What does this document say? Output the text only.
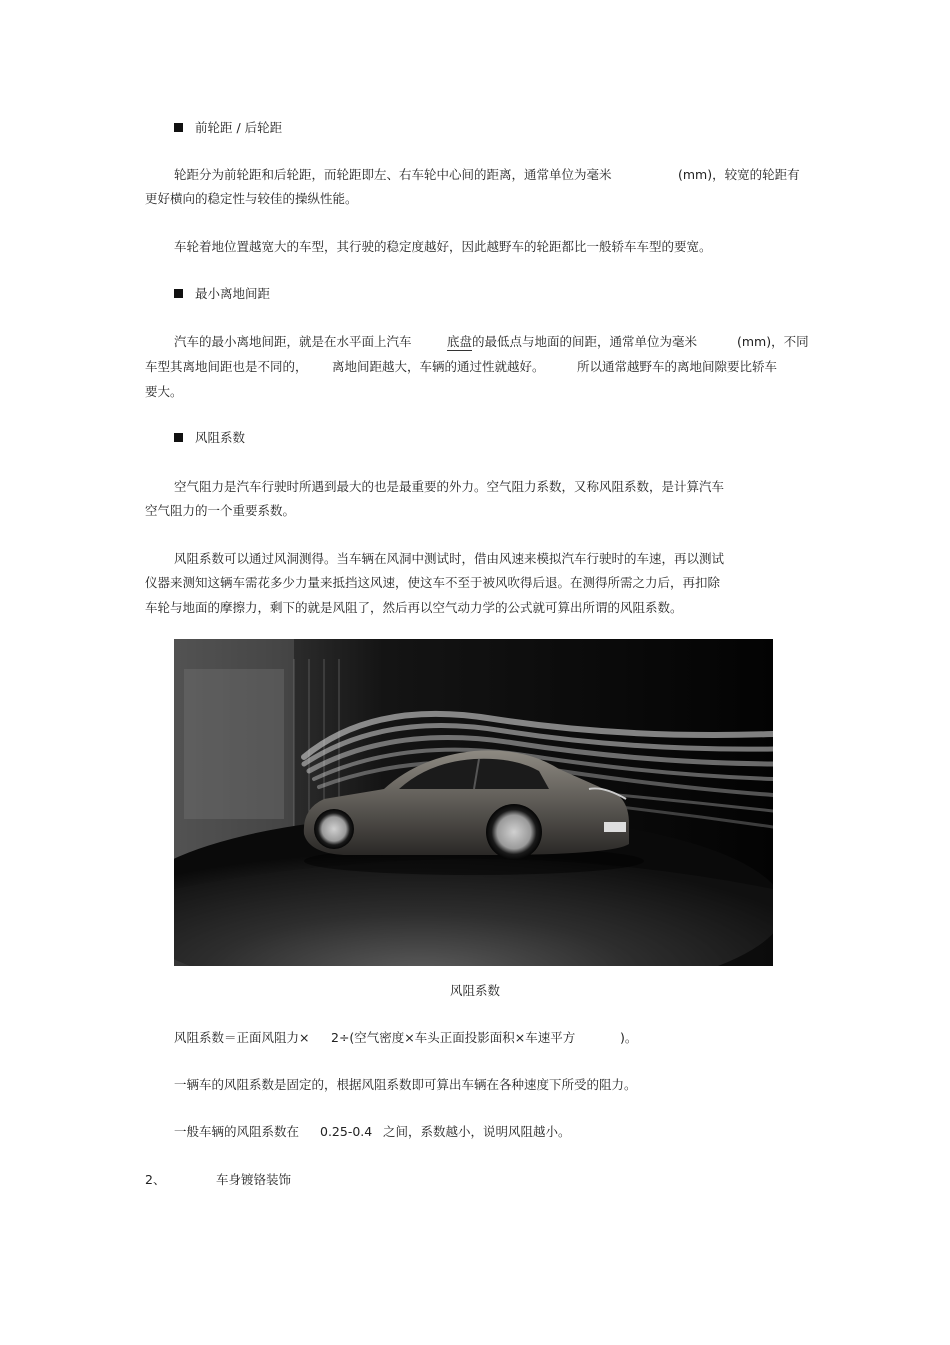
前轮距 / 后轮距
轮距分为前轮距和后轮距，而轮距即左、右车轮中心间的距离，通常单位为毫米	(mm)，较宽的轮距有
更好横向的稳定性与较佳的操纵性能。
车轮着地位置越宽大的车型，其行驶的稳定度越好，因此越野车的轮距都比一般轿车车型的要宽。
最小离地间距
汽车的最小离地间距，就是在水平面上汽车	底盘的最低点与地面的间距，通常单位为毫米	(mm)，不同
车型其离地间距也是不同的， 离地间距越大，车辆的通过性就越好。	所以通常越野车的离地间隙要比轿车
要大。
风阻系数
空气阻力是汽车行驶时所遇到最大的也是最重要的外力。空气阻力系数，又称风阻系数，是计算汽车
空气阻力的一个重要系数。
风阻系数可以通过风洞测得。当车辆在风洞中测试时，借由风速来模拟汽车行驶时的车速，再以测试
仪器来测知这辆车需花多少力量来抵挡这风速，使这车不至于被风吹得后退。在测得所需之力后，再扣除
车轮与地面的摩擦力，剩下的就是风阻了，然后再以空气动力学的公式就可算出所谓的风阻系数。
风阻系数
风阻系数＝正面风阻力× 2÷(空气密度×车头正面投影面积×车速平方	)。
一辆车的风阻系数是固定的，根据风阻系数即可算出车辆在各种速度下所受的阻力。
一般车辆的风阻系数在 0.25-0.4 之间，系数越小，说明风阻越小。
2、	车身镀铬装饰
